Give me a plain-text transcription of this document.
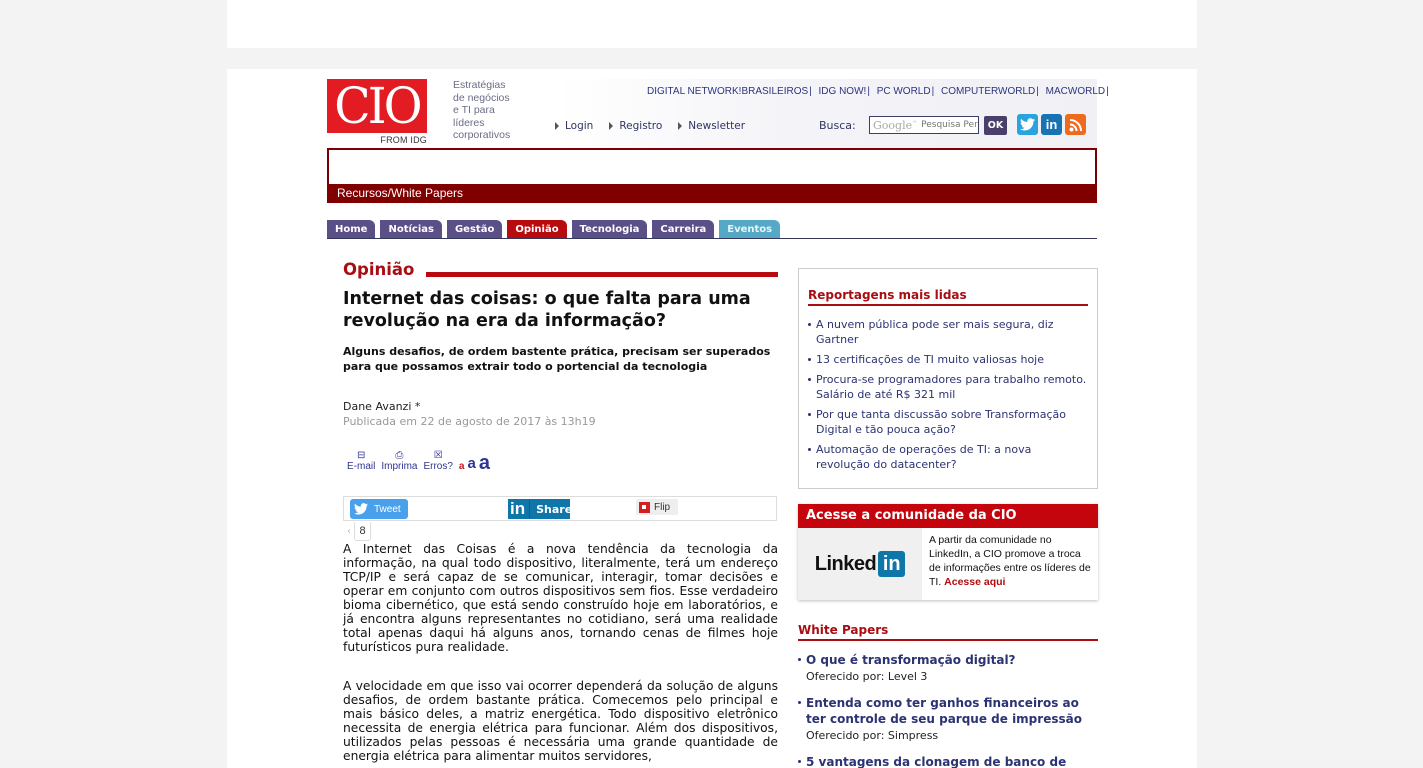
CIO
FROM IDG
Estratégias
de negócios
e TI para
líderes
corporativos
DIGITAL NETWORK!BRASILEIROS| IDG NOW!| PC WORLD| COMPUTERWORLD| MACWORLD|
Login Registro Newsletter	Busca: Google™
Pesquisa Personalizada	OK	in
Recursos/White Papers
Home	Notícias	Gestão	Opinião	Tecnologia	Carreira	Eventos
Opinião
Internet das coisas: o que falta para uma revolução na era da informação?
Alguns desafios, de ordem bastente prática, precisam ser superados para que possamos extrair todo o portencial da tecnologia
Dane Avanzi *
Publicada em 22 de agosto de 2017 às 13h19
⊟
E-mail
⎙
Imprima
☒
Erros? a a a
Tweet	in	Share	Flip
‹ 8

A Internet das Coisas é a nova tendência da tecnologia da informação, na qual todo dispositivo, literalmente, terá um endereço TCP/IP e será capaz de se comunicar, interagir, tomar decisões e operar em conjunto com outros dispositivos sem fios. Esse verdadeiro bioma cibernético, que está sendo construído hoje em laboratórios, e já encontra alguns representantes no cotidiano, será uma realidade total apenas daqui há alguns anos, tornando cenas de filmes hoje futurísticos pura realidade.

A velocidade em que isso vai ocorrer dependerá da solução de alguns desafios, de ordem bastante prática. Comecemos pelo principal e mais básico deles, a matriz energética. Todo dispositivo eletrônico necessita de energia elétrica para funcionar. Além dos dispositivos, utilizados pelas pessoas é necessária uma grande quantidade de energia elétrica para alimentar muitos servidores,

Reportagens mais lidas
A nuvem pública pode ser mais segura, diz Gartner
13 certificações de TI muito valiosas hoje
Procura-se programadores para trabalho remoto. Salário de até R$ 321 mil
Por que tanta discussão sobre Transformação Digital e tão pouca ação?
Automação de operações de TI: a nova revolução do datacenter?
Acesse a comunidade da CIO
Linked in
A partir da comunidade no LinkedIn, a CIO promove a troca de informações entre os líderes de TI. Acesse aqui
White Papers
O que é transformação digital?
Oferecido por: Level 3
Entenda como ter ganhos financeiros ao ter controle de seu parque de impressão
Oferecido por: Simpress
5 vantagens da clonagem de banco de
